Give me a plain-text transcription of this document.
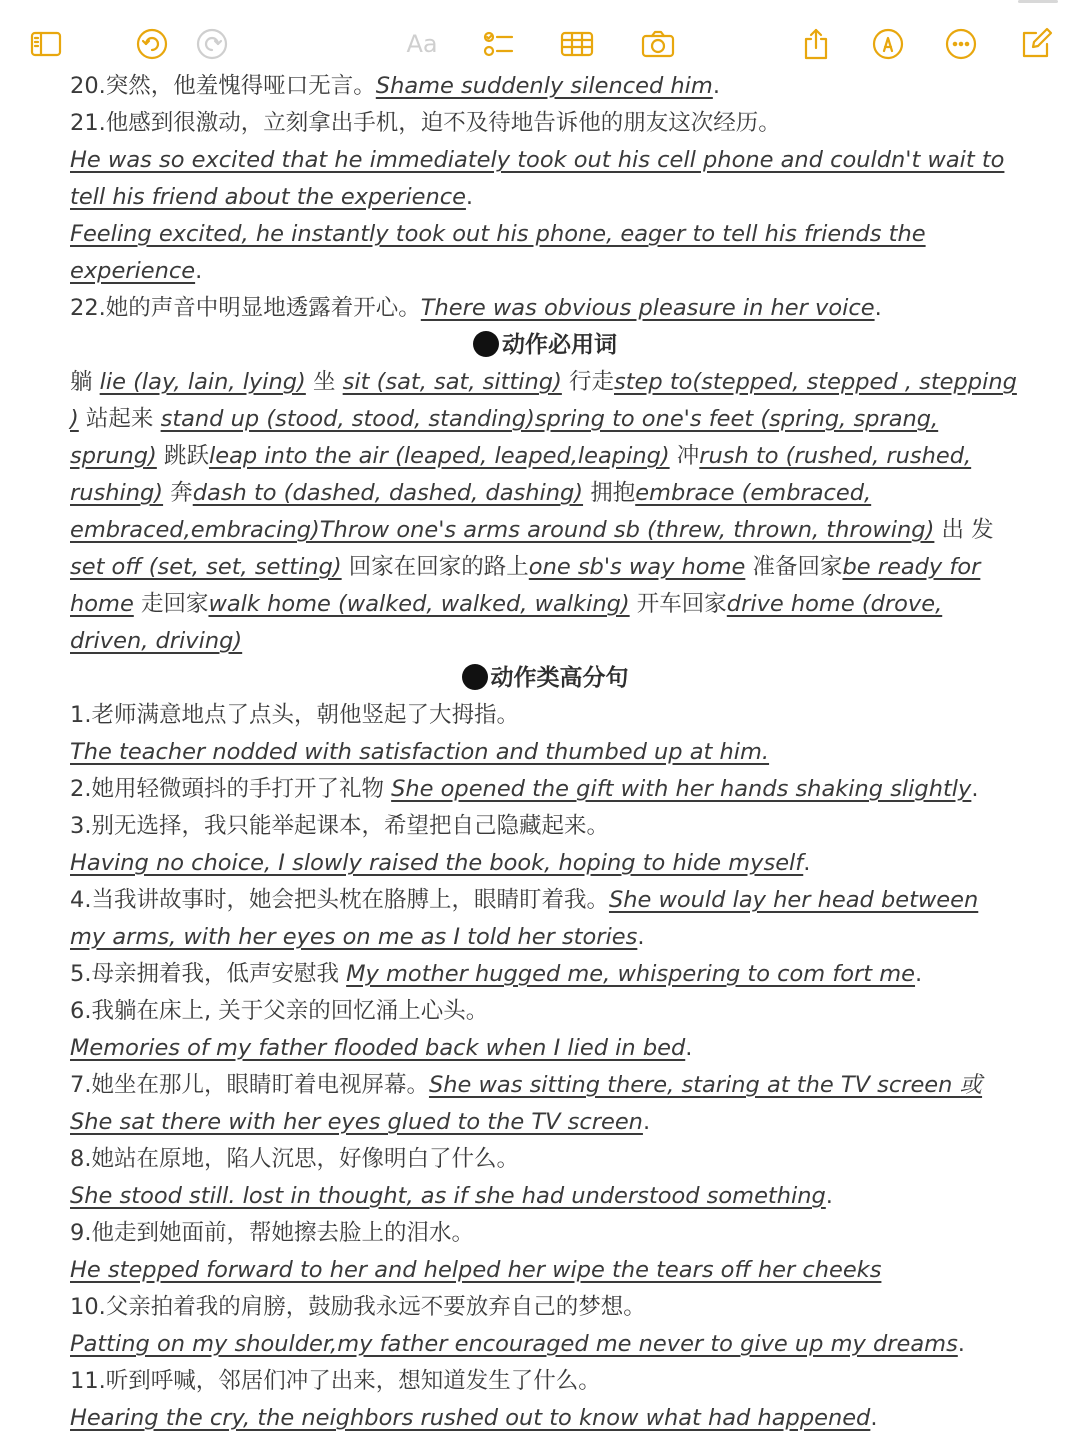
Aa

20.突然，他羞愧得哑口无言。Shame suddenly silenced him.

21.他感到很激动，立刻拿出手机，迫不及待地告诉他的朋友这次经历。

He was so excited that he immediately took out his cell phone and couldn't wait to tell his friend about the experience.

Feeling excited, he instantly took out his phone, eager to tell his friends the experience.

22.她的声音中明显地透露着开心。There was obvious pleasure in her voice.

动作必用词

躺 lie (lay, lain, lying) 坐 sit (sat, sat, sitting) 行走step to(stepped, stepped , stepping ) 站起来 stand up (stood, stood, standing)spring to one's feet (spring, sprang, sprung) 跳跃leap into the air (leaped, leaped,leaping) 冲rush to (rushed, rushed, rushing) 奔dash to (dashed, dashed, dashing) 拥抱embrace (embraced, embraced,embracing)Throw one's arms around sb (threw, thrown, throwing) 出 发 set off (set, set, setting) 回家在回家的路上one sb's way home 准备回家be ready for home 走回家walk home (walked, walked, walking) 开车回家drive home (drove, driven, driving)

动作类高分句

1.老师满意地点了点头，朝他竖起了大拇指。

The teacher nodded with satisfaction and thumbed up at him.

2.她用轻微頭抖的手打开了礼物 She opened the gift with her hands shaking slightly.

3.别无选择，我只能举起课本，希望把自己隐藏起来。

Having no choice, I slowly raised the book, hoping to hide myself.

4.当我讲故事时，她会把头枕在胳膊上，眼睛盯着我。She would lay her head between my arms, with her eyes on me as I told her stories.

5.母亲拥着我，低声安慰我 My mother hugged me, whispering to com fort me.

6.我躺在床上, 关于父亲的回忆涌上心头。

Memories of my father flooded back when I lied in bed.

7.她坐在那儿，眼睛盯着电视屏幕。She was sitting there, staring at the TV screen 或 She sat there with her eyes glued to the TV screen.

8.她站在原地，陷人沉思，好像明白了什么。

She stood still. lost in thought, as if she had understood something.

9.他走到她面前，帮她擦去脸上的泪水。

He stepped forward to her and helped her wipe the tears off her cheeks

10.父亲拍着我的肩膀，鼓励我永远不要放弃自己的梦想。

Patting on my shoulder,my father encouraged me never to give up my dreams.

11.听到呼喊，邻居们冲了出来，想知道发生了什么。

Hearing the cry, the neighbors rushed out to know what had happened.
